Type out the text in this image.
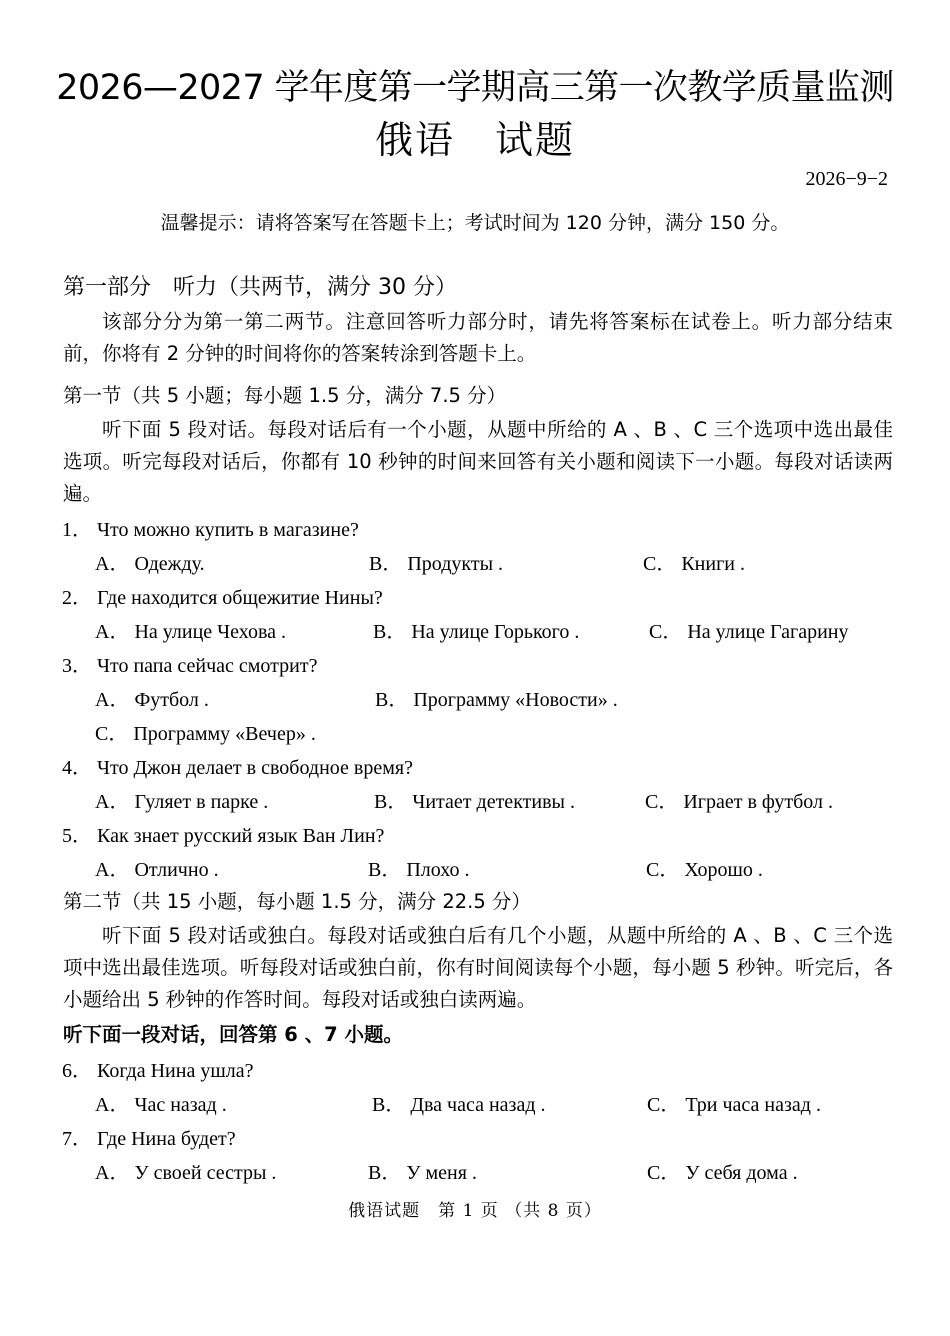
2026—2027 学年度第一学期高三第一次教学质量监测
俄语　试题
2026−9−2
温馨提示：请将答案写在答题卡上；考试时间为 120 分钟，满分 150 分。
第一部分　听力（共两节，满分 30 分）
该部分分为第一第二两节。注意回答听力部分时，请先将答案标在试卷上。听力部分结束前，你将有 2 分钟的时间将你的答案转涂到答题卡上。
第一节（共 5 小题；每小题 1.5 分，满分 7.5 分）
听下面 5 段对话。每段对话后有一个小题，从题中所给的 A 、B 、C 三个选项中选出最佳选项。听完每段对话后，你都有 10 秒钟的时间来回答有关小题和阅读下一小题。每段对话读两遍。
1． Что можно купить в магазине?
A． Одежду.	B． Продукты .	C． Книги .
2． Где находится общежитие Нины?
A． На улице Чехова .	B． На улице Горького .	C． На улице Гагарину
3． Что папа сейчас смотрит?
A． Футбол .	B． Программу «Новости» .
C． Программу «Вечер» .
4． Что Джон делает в свободное время?
A． Гуляет в парке .	B． Читает детективы .	C． Играет в футбол .
5． Как знает русский язык Ван Лин?
A． Отлично .	B． Плохо .	C． Хорошо .
第二节（共 15 小题，每小题 1.5 分，满分 22.5 分）
听下面 5 段对话或独白。每段对话或独白后有几个小题，从题中所给的 A 、B 、C 三个选项中选出最佳选项。听每段对话或独白前，你有时间阅读每个小题，每小题 5 秒钟。听完后，各小题给出 5 秒钟的作答时间。每段对话或独白读两遍。
听下面一段对话，回答第 6 、7 小题。
6． Когда Нина ушла?
A． Час назад .	B． Два часа назад .	C． Три часа назад .
7． Где Нина будет?
A． У своей сестры .	B． У меня .	C． У себя дома .
俄语试题　第 1 页 （共 8 页）
